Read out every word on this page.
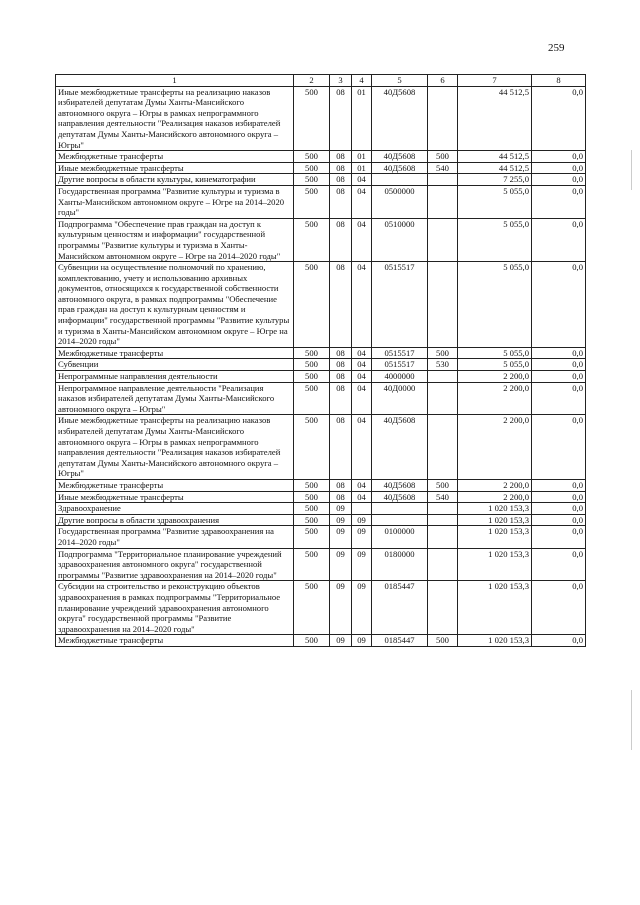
259
1	2	3	4	5	6	7	8
Иные межбюджетные трансферты на реализацию наказов избирателей депутатам Думы Ханты-Мансийского автономного округа – Югры в рамках непрограммного направления деятельности "Реализация наказов избирателей депутатам Думы Ханты-Мансийского автономного округа – Югры"	500	08	01	40Д5608		44 512,5	0,0
Межбюджетные трансферты	500	08	01	40Д5608	500	44 512,5	0,0
Иные межбюджетные трансферты	500	08	01	40Д5608	540	44 512,5	0,0
Другие вопросы в области культуры, кинематографии	500	08	04			7 255,0	0,0
Государственная программа "Развитие культуры и туризма в Ханты-Мансийском автономном округе – Югре на 2014–2020 годы"	500	08	04	0500000		5 055,0	0,0
Подпрограмма "Обеспечение прав граждан на доступ к культурным ценностям и информации" государственной программы "Развитие культуры и туризма в Ханты-Мансийском автономном округе – Югре на 2014–2020 годы"	500	08	04	0510000		5 055,0	0,0
Субвенции на осуществление полномочий по хранению, комплектованию, учету и использованию архивных документов, относящихся к государственной собственности автономного округа, в рамках подпрограммы "Обеспечение прав граждан на доступ к культурным ценностям и информации" государственной программы "Развитие культуры и туризма в Ханты-Мансийском автономном округе – Югре на 2014–2020 годы"	500	08	04	0515517		5 055,0	0,0
Межбюджетные трансферты	500	08	04	0515517	500	5 055,0	0,0
Субвенции	500	08	04	0515517	530	5 055,0	0,0
Непрограммные направления деятельности	500	08	04	4000000		2 200,0	0,0
Непрограммное направление деятельности "Реализация наказов избирателей депутатам Думы Ханты-Мансийского автономного округа – Югры"	500	08	04	40Д0000		2 200,0	0,0
Иные межбюджетные трансферты на реализацию наказов избирателей депутатам Думы Ханты-Мансийского автономного округа – Югры в рамках непрограммного направления деятельности "Реализация наказов избирателей депутатам Думы Ханты-Мансийского автономного округа – Югры"	500	08	04	40Д5608		2 200,0	0,0
Межбюджетные трансферты	500	08	04	40Д5608	500	2 200,0	0,0
Иные межбюджетные трансферты	500	08	04	40Д5608	540	2 200,0	0,0
Здравоохранение	500	09				1 020 153,3	0,0
Другие вопросы в области здравоохранения	500	09	09			1 020 153,3	0,0
Государственная программа "Развитие здравоохранения на 2014–2020 годы"	500	09	09	0100000		1 020 153,3	0,0
Подпрограмма "Территориальное планирование учреждений здравоохранения автономного округа" государственной программы "Развитие здравоохранения на 2014–2020 годы"	500	09	09	0180000		1 020 153,3	0,0
Субсидии на строительство и реконструкцию объектов здравоохранения в рамках подпрограммы "Территориальное планирование учреждений здравоохранения автономного округа" государственной программы "Развитие здравоохранения на 2014–2020 годы"	500	09	09	0185447		1 020 153,3	0,0
Межбюджетные трансферты	500	09	09	0185447	500	1 020 153,3	0,0
